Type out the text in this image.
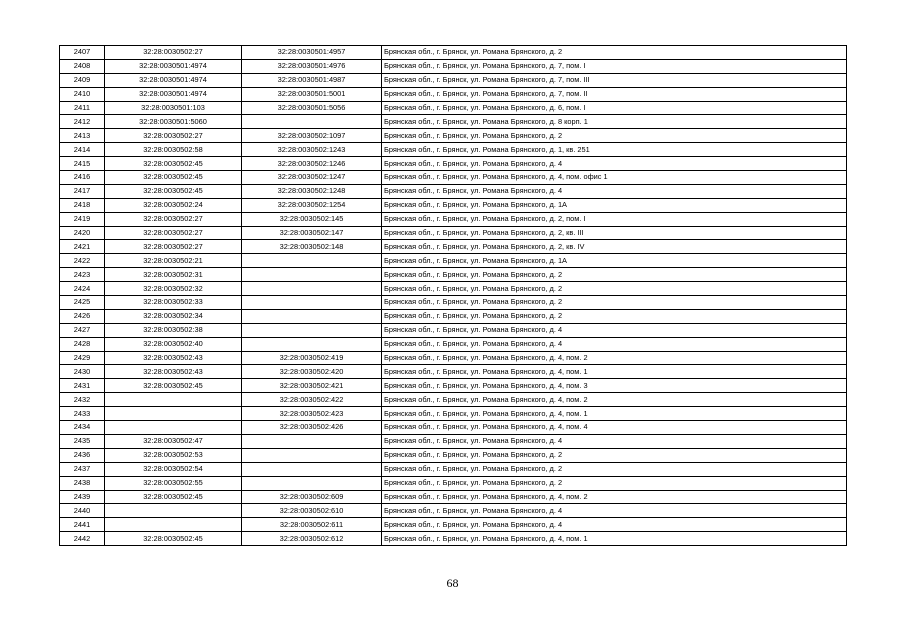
2407	32:28:0030502:27	32:28:0030501:4957	Брянская обл., г. Брянск, ул. Романа Брянского, д. 2
2408	32:28:0030501:4974	32:28:0030501:4976	Брянская обл., г. Брянск, ул. Романа Брянского, д. 7, пом. I
2409	32:28:0030501:4974	32:28:0030501:4987	Брянская обл., г. Брянск, ул. Романа Брянского, д. 7, пом. III
2410	32:28:0030501:4974	32:28:0030501:5001	Брянская обл., г. Брянск, ул. Романа Брянского, д. 7, пом. II
2411	32:28:0030501:103	32:28:0030501:5056	Брянская обл., г. Брянск, ул. Романа Брянского, д. 6, пом. I
2412	32:28:0030501:5060		Брянская обл., г. Брянск, ул. Романа Брянского, д. 8 корп. 1
2413	32:28:0030502:27	32:28:0030502:1097	Брянская обл., г. Брянск, ул. Романа Брянского, д. 2
2414	32:28:0030502:58	32:28:0030502:1243	Брянская обл., г. Брянск, ул. Романа Брянского, д. 1, кв. 251
2415	32:28:0030502:45	32:28:0030502:1246	Брянская обл., г. Брянск, ул. Романа Брянского, д. 4
2416	32:28:0030502:45	32:28:0030502:1247	Брянская обл., г. Брянск, ул. Романа Брянского, д. 4, пом. офис 1
2417	32:28:0030502:45	32:28:0030502:1248	Брянская обл., г. Брянск, ул. Романа Брянского, д. 4
2418	32:28:0030502:24	32:28:0030502:1254	Брянская обл., г. Брянск, ул. Романа Брянского, д. 1А
2419	32:28:0030502:27	32:28:0030502:145	Брянская обл., г. Брянск, ул. Романа Брянского, д. 2, пом. I
2420	32:28:0030502:27	32:28:0030502:147	Брянская обл., г. Брянск, ул. Романа Брянского, д. 2, кв. III
2421	32:28:0030502:27	32:28:0030502:148	Брянская обл., г. Брянск, ул. Романа Брянского, д. 2, кв. IV
2422	32:28:0030502:21		Брянская обл., г. Брянск, ул. Романа Брянского, д. 1А
2423	32:28:0030502:31		Брянская обл., г. Брянск, ул. Романа Брянского, д. 2
2424	32:28:0030502:32		Брянская обл., г. Брянск, ул. Романа Брянского, д. 2
2425	32:28:0030502:33		Брянская обл., г. Брянск, ул. Романа Брянского, д. 2
2426	32:28:0030502:34		Брянская обл., г. Брянск, ул. Романа Брянского, д. 2
2427	32:28:0030502:38		Брянская обл., г. Брянск, ул. Романа Брянского, д. 4
2428	32:28:0030502:40		Брянская обл., г. Брянск, ул. Романа Брянского, д. 4
2429	32:28:0030502:43	32:28:0030502:419	Брянская обл., г. Брянск, ул. Романа Брянского, д. 4, пом. 2
2430	32:28:0030502:43	32:28:0030502:420	Брянская обл., г. Брянск, ул. Романа Брянского, д. 4, пом. 1
2431	32:28:0030502:45	32:28:0030502:421	Брянская обл., г. Брянск, ул. Романа Брянского, д. 4, пом. 3
2432		32:28:0030502:422	Брянская обл., г. Брянск, ул. Романа Брянского, д. 4, пом. 2
2433		32:28:0030502:423	Брянская обл., г. Брянск, ул. Романа Брянского, д. 4, пом. 1
2434		32:28:0030502:426	Брянская обл., г. Брянск, ул. Романа Брянского, д. 4, пом. 4
2435	32:28:0030502:47		Брянская обл., г. Брянск, ул. Романа Брянского, д. 4
2436	32:28:0030502:53		Брянская обл., г. Брянск, ул. Романа Брянского, д. 2
2437	32:28:0030502:54		Брянская обл., г. Брянск, ул. Романа Брянского, д. 2
2438	32:28:0030502:55		Брянская обл., г. Брянск, ул. Романа Брянского, д. 2
2439	32:28:0030502:45	32:28:0030502:609	Брянская обл., г. Брянск, ул. Романа Брянского, д. 4, пом. 2
2440		32:28:0030502:610	Брянская обл., г. Брянск, ул. Романа Брянского, д. 4
2441		32:28:0030502:611	Брянская обл., г. Брянск, ул. Романа Брянского, д. 4
2442	32:28:0030502:45	32:28:0030502:612	Брянская обл., г. Брянск, ул. Романа Брянского, д. 4, пом. 1
68
